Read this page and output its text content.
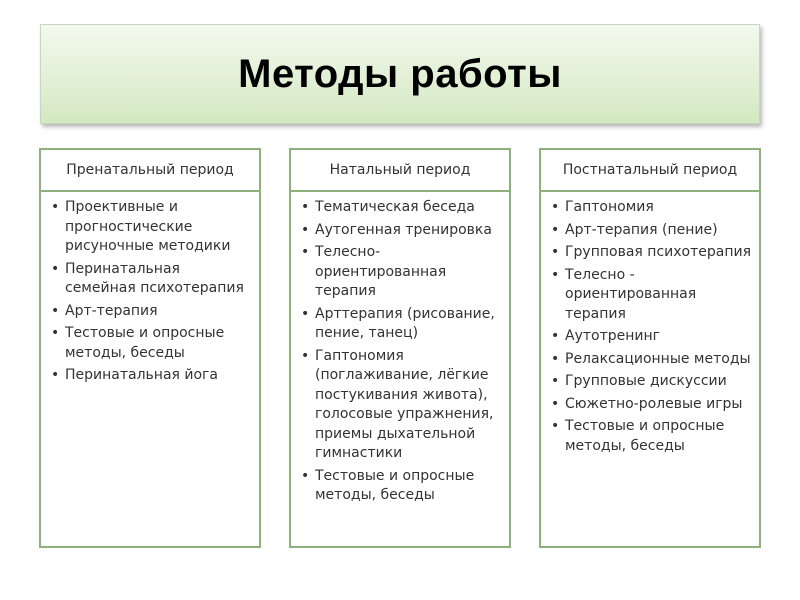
Методы работы
Пренатальный период
• Проективные и прогностические рисуночные методики
• Перинатальная семейная психотерапия
• Арт-терапия
• Тестовые и опросные методы, беседы
• Перинатальная йога
Натальный период
• Тематическая беседа
• Аутогенная тренировка
• Телесно-ориентированная терапия
• Арттерапия (рисование, пение, танец)
• Гаптономия (поглаживание, лёгкие постукивания живота), голосовые упражнения, приемы дыхательной гимнастики
• Тестовые и опросные методы, беседы
Постнатальный период
• Гаптономия
• Арт-терапия (пение)
• Групповая психотерапия
• Телесно - ориентированная терапия
• Аутотренинг
• Релаксационные методы
• Групповые дискуссии
• Сюжетно-ролевые игры
• Тестовые и опросные методы, беседы
